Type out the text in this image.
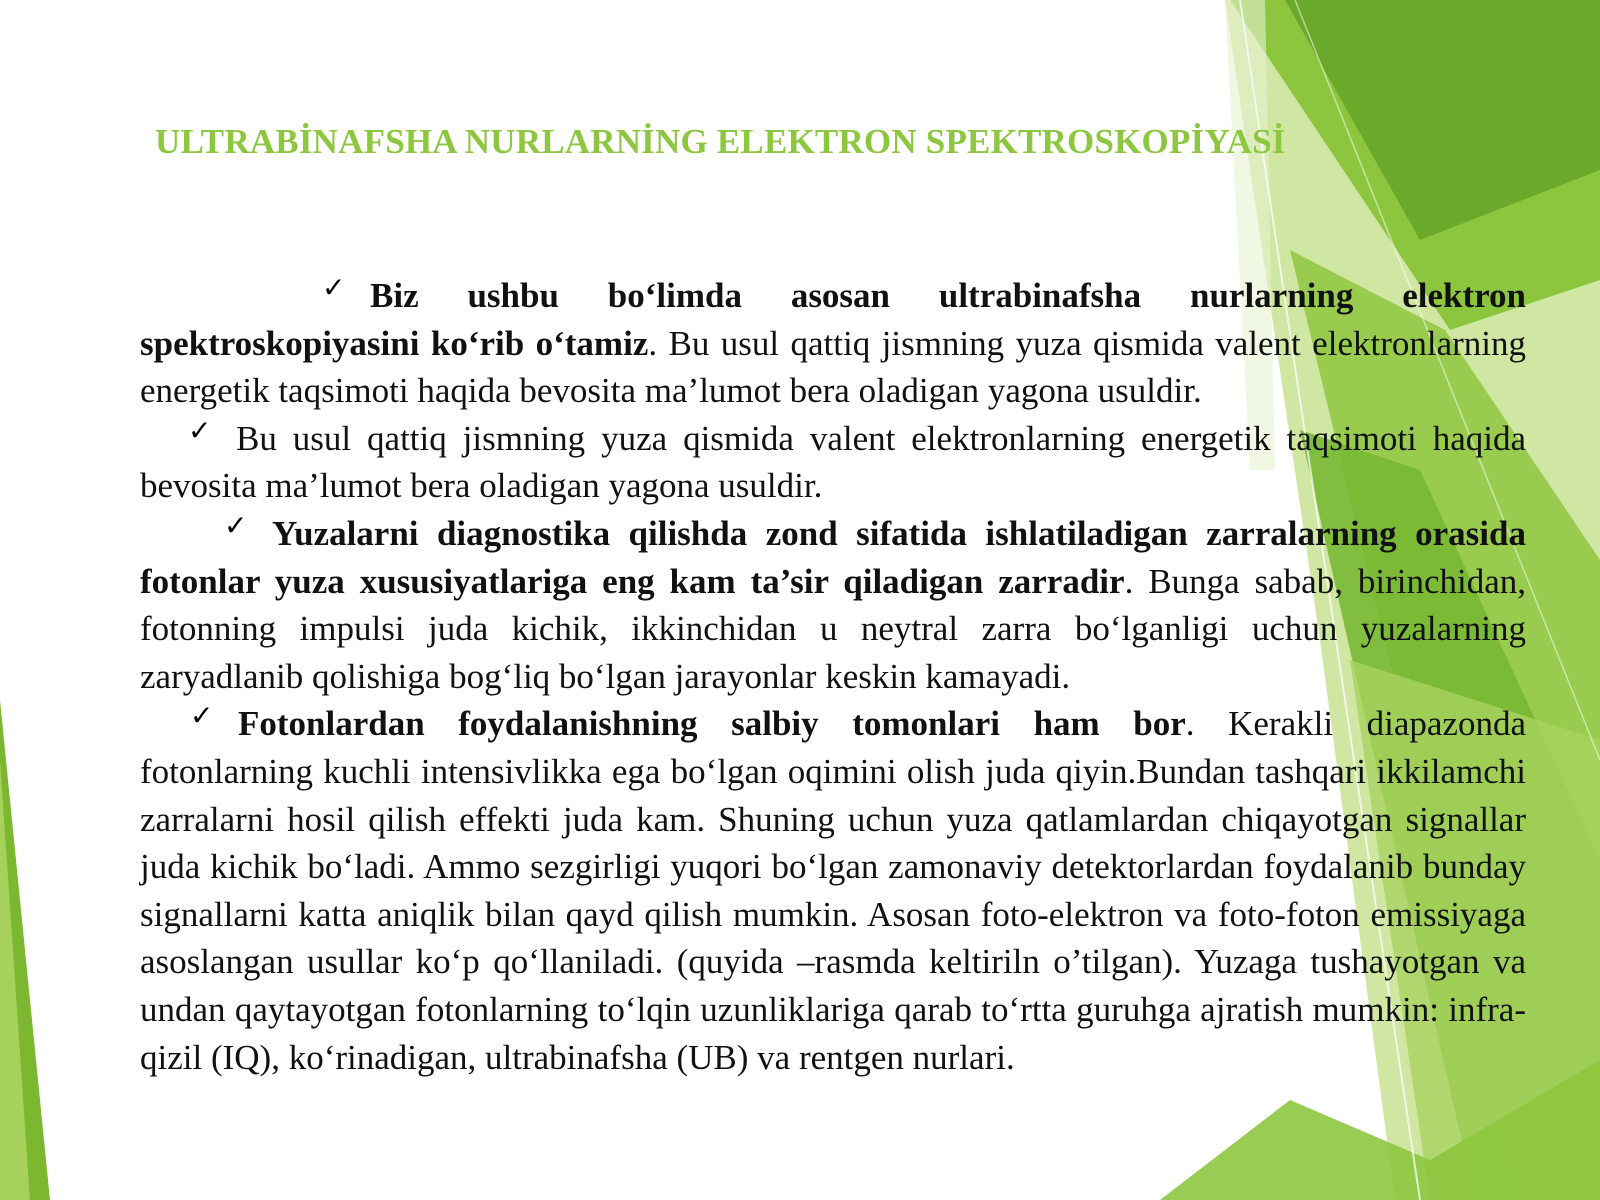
ULTRABİNAFSHA NURLARNİNG ELEKTRON SPEKTROSKOPİYASİ

✓ Biz ushbu bo‘limda asosan ultrabinafsha nurlarning elektron spektroskopiyasini ko‘rib o‘tamiz. Bu usul qattiq jismning yuza qismida valent elektronlarning energetik taqsimoti haqida bevosita ma’lumot bera oladigan yagona usuldir.

✓ Bu usul qattiq jismning yuza qismida valent elektronlarning energetik taqsimoti haqida bevosita ma’lumot bera oladigan yagona usuldir.

✓ Yuzalarni diagnostika qilishda zond sifatida ishlatiladigan zarralarning orasida fotonlar yuza xususiyatlariga eng kam ta’sir qiladigan zarradir. Bunga sabab, birinchidan, fotonning impulsi juda kichik, ikkinchidan u neytral zarra bo‘lganligi uchun yuzalarning zaryadlanib qolishiga bog‘liq bo‘lgan jarayonlar keskin kamayadi.

✓ Fotonlardan foydalanishning salbiy tomonlari ham bor. Kerakli diapazonda fotonlarning kuchli intensivlikka ega bo‘lgan oqimini olish juda qiyin.Bundan tashqari ikkilamchi zarralarni hosil qilish effekti juda kam. Shuning uchun yuza qatlamlardan chiqayotgan signallar juda kichik bo‘ladi. Ammo sezgirligi yuqori bo‘lgan zamonaviy detektorlardan foydalanib bunday signallarni katta aniqlik bilan qayd qilish mumkin. Asosan foto-elektron va foto-foton emissiyaga asoslangan usullar ko‘p qo‘llaniladi. (quyida –rasmda keltiriln o’tilgan). Yuzaga tushayotgan va undan qaytayotgan fotonlarning to‘lqin uzunliklariga qarab to‘rtta guruhga ajratish mumkin: infra-qizil (IQ), ko‘rinadigan, ultrabinafsha (UB) va rentgen nurlari.
